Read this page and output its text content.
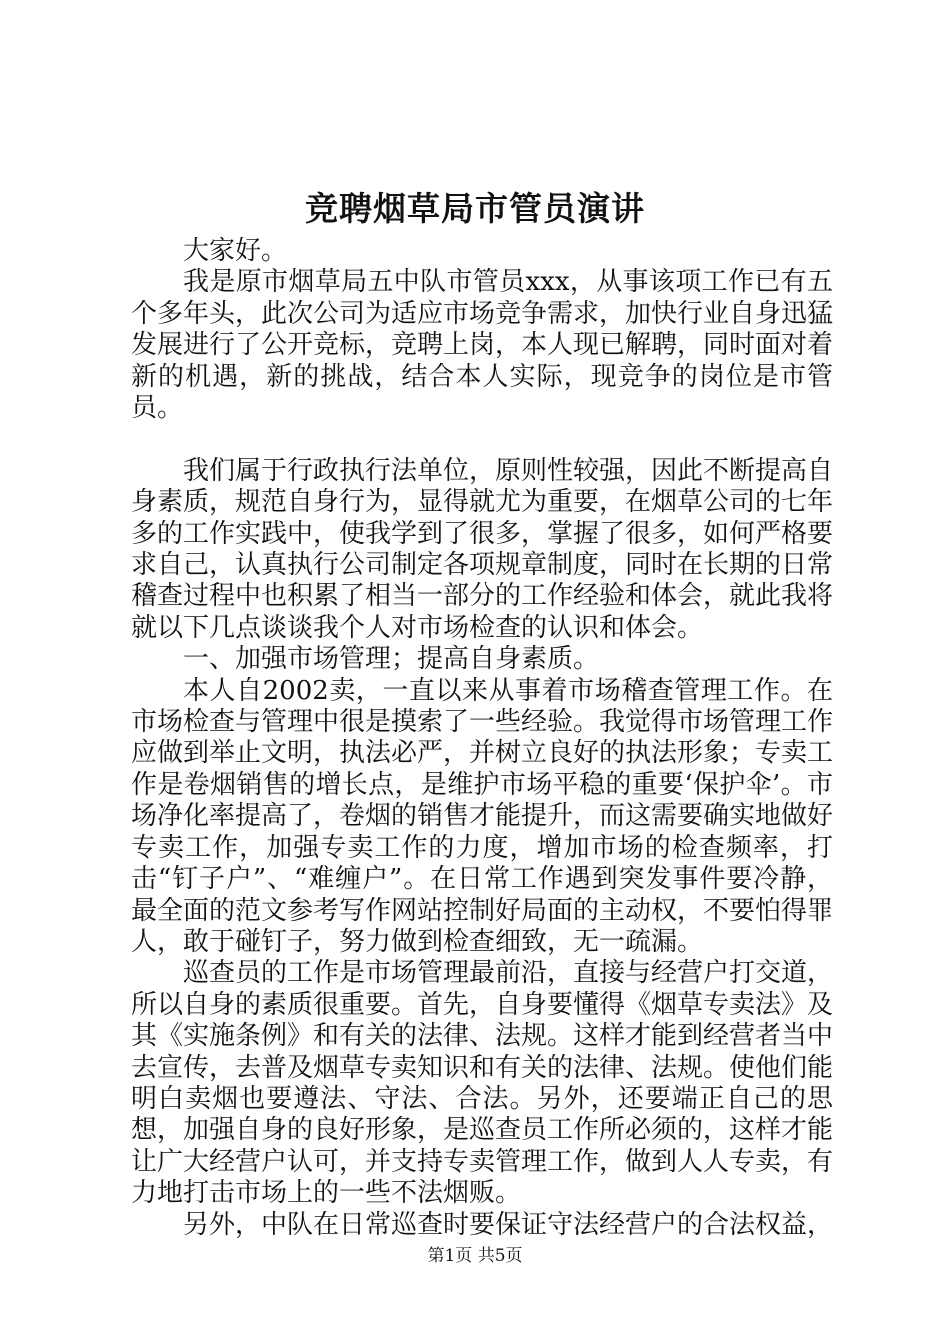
竞聘烟草局市管员演讲

大家好。

我是原市烟草局五中队市管员xxx，从事该项工作已有五个多年头，此次公司为适应市场竞争需求，加快行业自身迅猛发展进行了公开竞标，竞聘上岗，本人现已解聘，同时面对着新的机遇，新的挑战，结合本人实际，现竞争的岗位是市管员。

我们属于行政执行法单位，原则性较强，因此不断提高自身素质，规范自身行为，显得就尤为重要，在烟草公司的七年多的工作实践中，使我学到了很多，掌握了很多，如何严格要求自己，认真执行公司制定各项规章制度，同时在长期的日常稽查过程中也积累了相当一部分的工作经验和体会，就此我将就以下几点谈谈我个人对市场检查的认识和体会。

一、加强市场管理；提高自身素质。

本人自2002卖，一直以来从事着市场稽查管理工作。在市场检查与管理中很是摸索了一些经验。我觉得市场管理工作应做到举止文明，执法必严，并树立良好的执法形象；专卖工作是卷烟销售的增长点，是维护市场平稳的重要‘保护伞’。市场净化率提高了，卷烟的销售才能提升，而这需要确实地做好专卖工作，加强专卖工作的力度，增加市场的检查频率，打击“钉子户”、“难缠户”。在日常工作遇到突发事件要冷静，最全面的范文参考写作网站控制好局面的主动权，不要怕得罪人，敢于碰钉子，努力做到检查细致，无一疏漏。

巡查员的工作是市场管理最前沿，直接与经营户打交道，所以自身的素质很重要。首先，自身要懂得《烟草专卖法》及其《实施条例》和有关的法律、法规。这样才能到经营者当中去宣传，去普及烟草专卖知识和有关的法律、法规。使他们能明白卖烟也要遵法、守法、合法。另外，还要端正自己的思想，加强自身的良好形象，是巡查员工作所必须的，这样才能让广大经营户认可，并支持专卖管理工作，做到人人专卖，有力地打击市场上的一些不法烟贩。

另外，中队在日常巡查时要保证守法经营户的合法权益，

第1页 共5页
